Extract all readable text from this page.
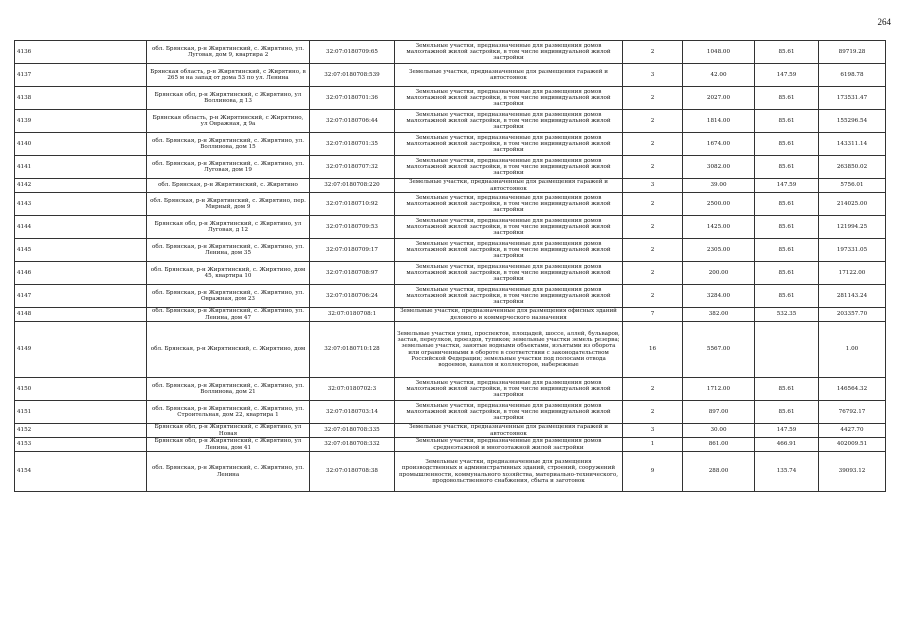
264
4136	обл. Брянская, р-н Жирятинский, с. Жирятино, ул. Луговая, дом 9, квартира 2	32:07:0180709:65	Земельные участки, предназначенные для размещения домов малоэтажной жилой застройки, в том числе индивидуальной жилой застройки	2	1048.00	85.61	89719.28
4137	Брянская область, р-н Жирятинский, с Жирятино, в 265 м на запад от дома 53 по ул. Ленина	32:07:0180708:539	Земельные участки, предназначенные для размещения гаражей и автостоянок	3	42.00	147.59	6198.78
4138	Брянская обл, р-н Жирятинский, с Жирятино, ул Воллинова, д 13	32:07:0180701:36	Земельные участки, предназначенные для размещения домов малоэтажной жилой застройки, в том числе индивидуальной жилой застройки	2	2027.00	85.61	173531.47
4139	Брянская область, р-н Жирятинский, с Жирятино, ул Овражная, д 9а	32:07:0180706:44	Земельные участки, предназначенные для размещения домов малоэтажной жилой застройки, в том числе индивидуальной жилой застройки	2	1814.00	85.61	155296.54
4140	обл. Брянская, р-н Жирятинский, с. Жирятино, ул. Воллинова, дом 15	32:07:0180701:35	Земельные участки, предназначенные для размещения домов малоэтажной жилой застройки, в том числе индивидуальной жилой застройки	2	1674.00	85.61	143311.14
4141	обл. Брянская, р-н Жирятинский, с. Жирятино, ул. Луговая, дом 19	32:07:0180707:32	Земельные участки, предназначенные для размещения домов малоэтажной жилой застройки, в том числе индивидуальной жилой застройки	2	3082.00	85.61	263850.02
4142	обл. Брянская, р-н Жирятинский, с. Жирятино	32:07:0180708:220	Земельные участки, предназначенные для размещения гаражей и автостоянок	3	39.00	147.59	5756.01
4143	обл. Брянская, р-н Жирятинский, с. Жирятино, пер. Мирный, дом 9	32:07:0180710:92	Земельные участки, предназначенные для размещения домов малоэтажной жилой застройки, в том числе индивидуальной жилой застройки	2	2500.00	85.61	214025.00
4144	Брянская обл, р-н Жирятинский, с Жирятино, ул Луговая, д 12	32:07:0180709:53	Земельные участки, предназначенные для размещения домов малоэтажной жилой застройки, в том числе индивидуальной жилой застройки	2	1425.00	85.61	121994.25
4145	обл. Брянская, р-н Жирятинский, с. Жирятино, ул. Ленина, дом 35	32:07:0180709:17	Земельные участки, предназначенные для размещения домов малоэтажной жилой застройки, в том числе индивидуальной жилой застройки	2	2305.00	85.61	197331.05
4146	обл. Брянская, р-н Жирятинский, с. Жирятино, дом 45, квартира 10	32:07:0180708:97	Земельные участки, предназначенные для размещения домов малоэтажной жилой застройки, в том числе индивидуальной жилой застройки	2	200.00	85.61	17122.00
4147	обл. Брянская, р-н Жирятинский, с. Жирятино, ул. Овражная, дом 23	32:07:0180706:24	Земельные участки, предназначенные для размещения домов малоэтажной жилой застройки, в том числе индивидуальной жилой застройки	2	3284.00	85.61	281143.24
4148	обл. Брянская, р-н Жирятинский, с. Жирятино, ул. Ленина, дом 47	32:07:0180708:1	Земельные участки, предназначенные для размещения офисных зданий делового и коммерческого назначения	7	382.00	532.35	203357.70
4149	обл. Брянская, р-н Жирятинский, с. Жирятино, дом	32:07:0180710:128	Земельные участки улиц, проспектов, площадей, шоссе, аллей, бульваров, застав, переулков, проездов, тупиков; земельные участки земель резерва; земельные участки, занятые водными объектами, изъятыми из оборота или ограниченными в обороте в соответствии с законодательством Российской Федерации; земельные участки под полосами отвода водоемов, каналов и коллекторов, набережные	16	5567.00		1.00
4150	обл. Брянская, р-н Жирятинский, с. Жирятино, ул. Воллинова, дом 21	32:07:0180702:3	Земельные участки, предназначенные для размещения домов малоэтажной жилой застройки, в том числе индивидуальной жилой застройки	2	1712.00	85.61	146564.32
4151	обл. Брянская, р-н Жирятинский, с. Жирятино, ул. Строительная, дом 22, квартира 1	32:07:0180703:14	Земельные участки, предназначенные для размещения домов малоэтажной жилой застройки, в том числе индивидуальной жилой застройки	2	897.00	85.61	76792.17
4152	Брянская обл, р-н Жирятинский, с Жирятино, ул Новая	32:07:0180708:335	Земельные участки, предназначенные для размещения гаражей и автостоянок	3	30.00	147.59	4427.70
4153	Брянская обл, р-н Жирятинский, с Жирятино, ул Ленина, дом 41	32:07:0180708:332	Земельные участки, предназначенные для размещения домов среднеэтажной и многоэтажной жилой застройки	1	861.00	466.91	402009.51
4154	обл. Брянская, р-н Жирятинский, с. Жирятино, ул. Ленина	32:07:0180708:38	Земельные участки, предназначенные для размещения производственных и административных зданий, строений, сооружений промышленности, коммунального хозяйства, материально-технического, продовольственного снабжения, сбыта и заготовок	9	288.00	135.74	39093.12
